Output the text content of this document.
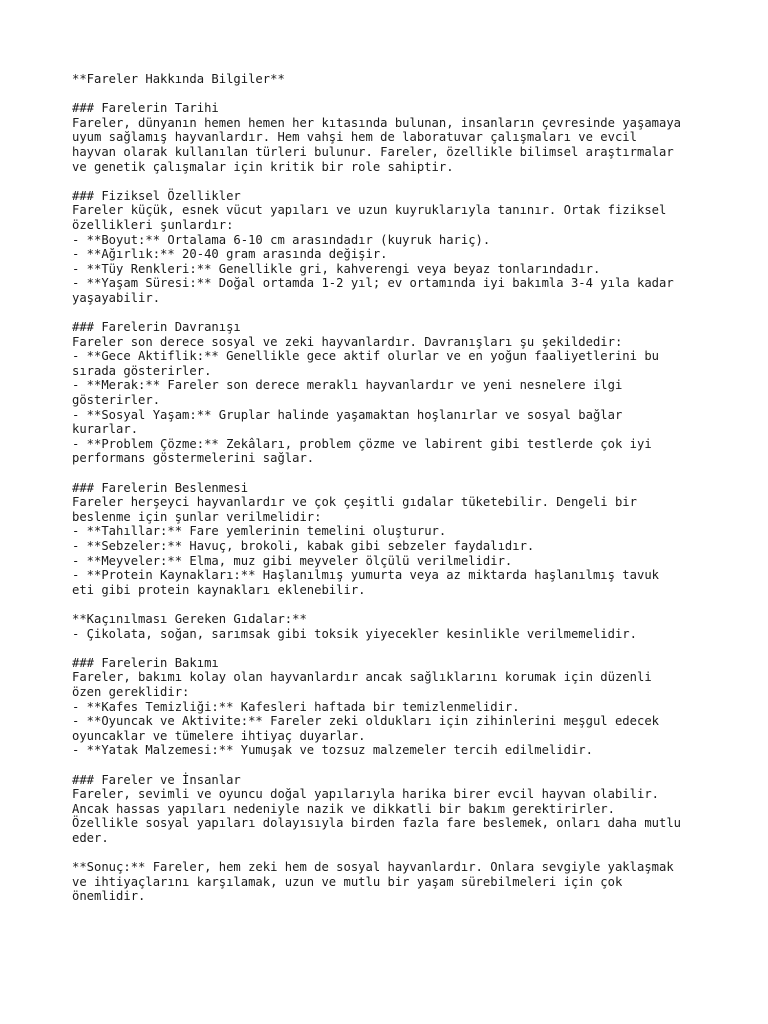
**Fareler Hakkında Bilgiler**
### Farelerin Tarihi
Fareler, dünyanın hemen hemen her kıtasında bulunan, insanların çevresinde yaşamaya
uyum sağlamış hayvanlardır. Hem vahşi hem de laboratuvar çalışmaları ve evcil
hayvan olarak kullanılan türleri bulunur. Fareler, özellikle bilimsel araştırmalar
ve genetik çalışmalar için kritik bir role sahiptir.
### Fiziksel Özellikler
Fareler küçük, esnek vücut yapıları ve uzun kuyruklarıyla tanınır. Ortak fiziksel
özellikleri şunlardır:
- **Boyut:** Ortalama 6-10 cm arasındadır (kuyruk hariç).
- **Ağırlık:** 20-40 gram arasında değişir.
- **Tüy Renkleri:** Genellikle gri, kahverengi veya beyaz tonlarındadır.
- **Yaşam Süresi:** Doğal ortamda 1-2 yıl; ev ortamında iyi bakımla 3-4 yıla kadar
yaşayabilir.
### Farelerin Davranışı
Fareler son derece sosyal ve zeki hayvanlardır. Davranışları şu şekildedir:
- **Gece Aktiflik:** Genellikle gece aktif olurlar ve en yoğun faaliyetlerini bu
sırada gösterirler.
- **Merak:** Fareler son derece meraklı hayvanlardır ve yeni nesnelere ilgi
gösterirler.
- **Sosyal Yaşam:** Gruplar halinde yaşamaktan hoşlanırlar ve sosyal bağlar
kurarlar.
- **Problem Çözme:** Zekâları, problem çözme ve labirent gibi testlerde çok iyi
performans göstermelerini sağlar.
### Farelerin Beslenmesi
Fareler herşeyci hayvanlardır ve çok çeşitli gıdalar tüketebilir. Dengeli bir
beslenme için şunlar verilmelidir:
- **Tahıllar:** Fare yemlerinin temelini oluşturur.
- **Sebzeler:** Havuç, brokoli, kabak gibi sebzeler faydalıdır.
- **Meyveler:** Elma, muz gibi meyveler ölçülü verilmelidir.
- **Protein Kaynakları:** Haşlanılmış yumurta veya az miktarda haşlanılmış tavuk
eti gibi protein kaynakları eklenebilir.
**Kaçınılması Gereken Gıdalar:**
- Çikolata, soğan, sarımsak gibi toksik yiyecekler kesinlikle verilmemelidir.
### Farelerin Bakımı
Fareler, bakımı kolay olan hayvanlardır ancak sağlıklarını korumak için düzenli
özen gereklidir:
- **Kafes Temizliği:** Kafesleri haftada bir temizlenmelidir.
- **Oyuncak ve Aktivite:** Fareler zeki oldukları için zihinlerini meşgul edecek
oyuncaklar ve tümelere ihtiyaç duyarlar.
- **Yatak Malzemesi:** Yumuşak ve tozsuz malzemeler tercih edilmelidir.
### Fareler ve İnsanlar
Fareler, sevimli ve oyuncu doğal yapılarıyla harika birer evcil hayvan olabilir.
Ancak hassas yapıları nedeniyle nazik ve dikkatli bir bakım gerektirirler.
Özellikle sosyal yapıları dolayısıyla birden fazla fare beslemek, onları daha mutlu
eder.
**Sonuç:** Fareler, hem zeki hem de sosyal hayvanlardır. Onlara sevgiyle yaklaşmak
ve ihtiyaçlarını karşılamak, uzun ve mutlu bir yaşam sürebilmeleri için çok
önemlidir.
